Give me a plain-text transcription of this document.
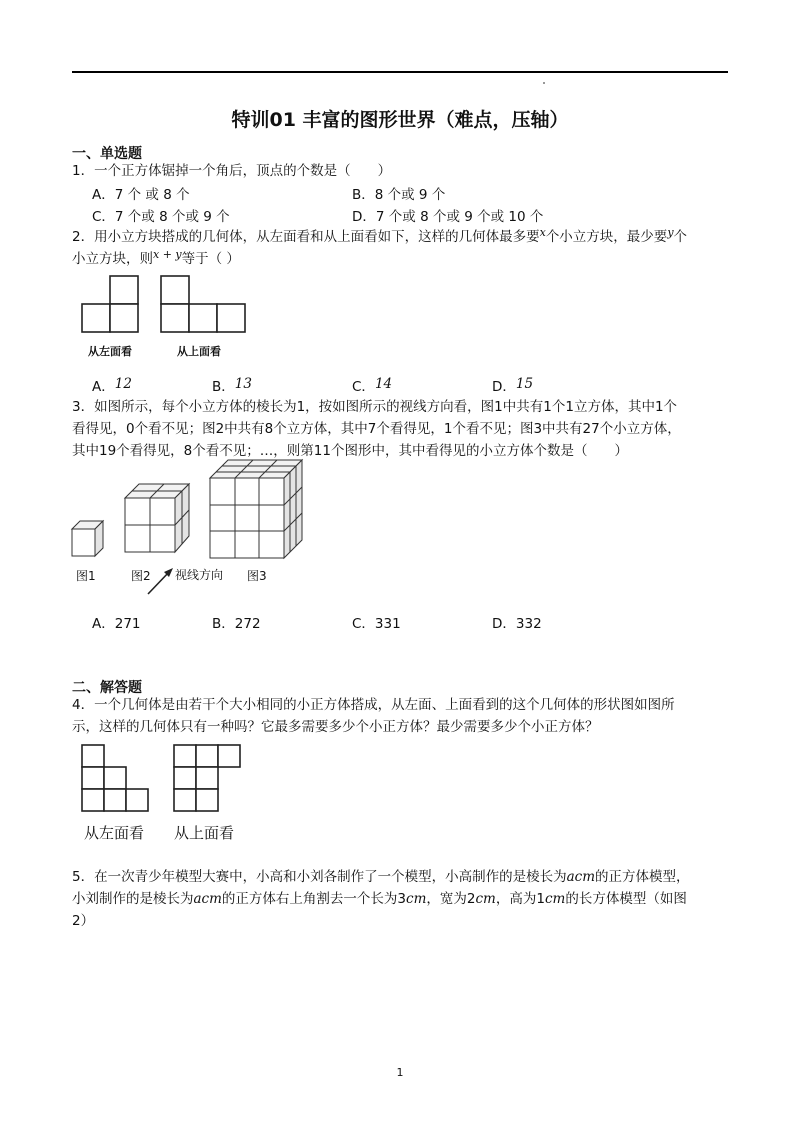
特训01 丰富的图形世界（难点，压轴）
一、单选题
1．一个正方体锯掉一个角后，顶点的个数是（　　）
A．7 个 或 8 个	B．8 个或 9 个
C．7 个或 8 个或 9 个	D．7 个或 8 个或 9 个或 10 个
2．用小立方块搭成的几何体，从左面看和从上面看如下，这样的几何体最多要$^x$个小立方块，最少要$^y$个
小立方块，则$^{x + y}$等于（ ）
从左面看	从上面看
A．12	B．13	C．14	D．15
3．如图所示，每个小立方体的棱长为1，按如图所示的视线方向看，图1中共有1个1立方体，其中1个
看得见，0个看不见；图2中共有8个立方体，其中7个看得见，1个看不见；图3中共有27个小立方体，
其中19个看得见，8个看不见；…，则第11个图形中，其中看得见的小立方体个数是（　　）
图1	图2 视线方向 图3
A．271	B．272	C．331	D．332
二、解答题
4．一个几何体是由若干个大小相同的小正方体搭成，从左面、上面看到的这个几何体的形状图如图所
示，这样的几何体只有一种吗？它最多需要多少个小正方体？最少需要多少个小正方体？
从左面看 从上面看
5．在一次青少年模型大赛中，小高和小刘各制作了一个模型，小高制作的是棱长为acm的正方体模型，
小刘制作的是棱长为acm的正方体右上角割去一个长为3cm，宽为2cm，高为1cm的长方体模型（如图
2）
1
